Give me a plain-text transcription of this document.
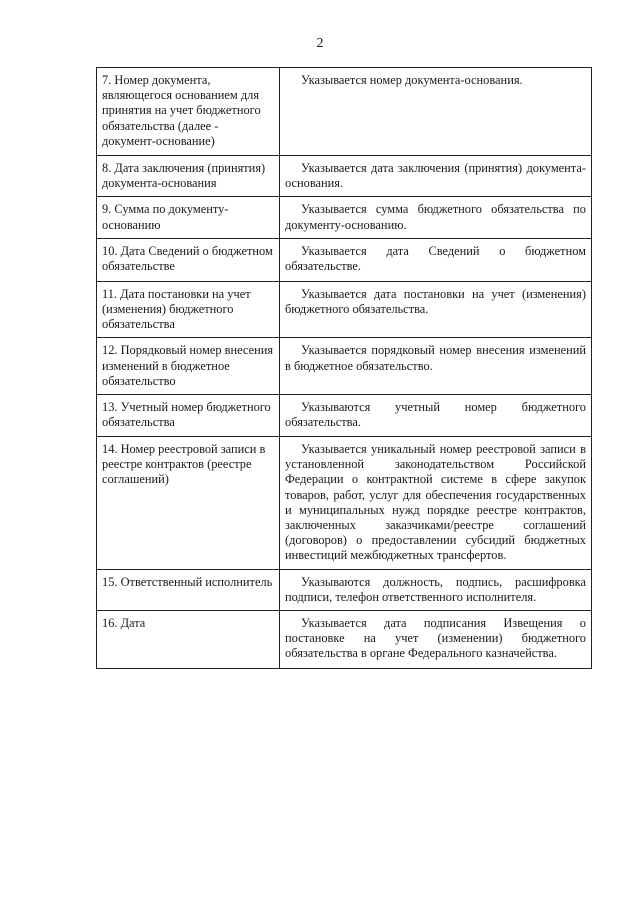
2
7. Номер документа, являющегося основанием для принятия на учет бюджетного обязательства (далее - документ-основание)	Указывается номер документа-основания.
8. Дата заключения (принятия) документа-основания	Указывается дата заключения (принятия) документа-основания.
9. Сумма по документу-основанию	Указывается сумма бюджетного обязательства по документу-основанию.
10. Дата Сведений о бюджетном обязательстве	Указывается дата Сведений о бюджетном обязательстве.
11. Дата постановки на учет (изменения) бюджетного обязательства	Указывается дата постановки на учет (изменения) бюджетного обязательства.
12. Порядковый номер внесения изменений в бюджетное обязательство	Указывается порядковый номер внесения изменений в бюджетное обязательство.
13. Учетный номер бюджетного обязательства	Указываются учетный номер бюджетного обязательства.
14. Номер реестровой записи в реестре контрактов (реестре соглашений)	Указывается уникальный номер реестровой записи в установленной законодательством Российской Федерации о контрактной системе в сфере закупок товаров, работ, услуг для обеспечения государственных и муниципальных нужд порядке реестре контрактов, заключенных заказчиками/реестре соглашений (договоров) о предоставлении субсидий бюджетных инвестиций межбюджетных трансфертов.
15. Ответственный исполнитель	Указываются должность, подпись, расшифровка подписи, телефон ответственного исполнителя.
16. Дата	Указывается дата подписания Извещения о постановке на учет (изменении) бюджетного обязательства в органе Федерального казначейства.
